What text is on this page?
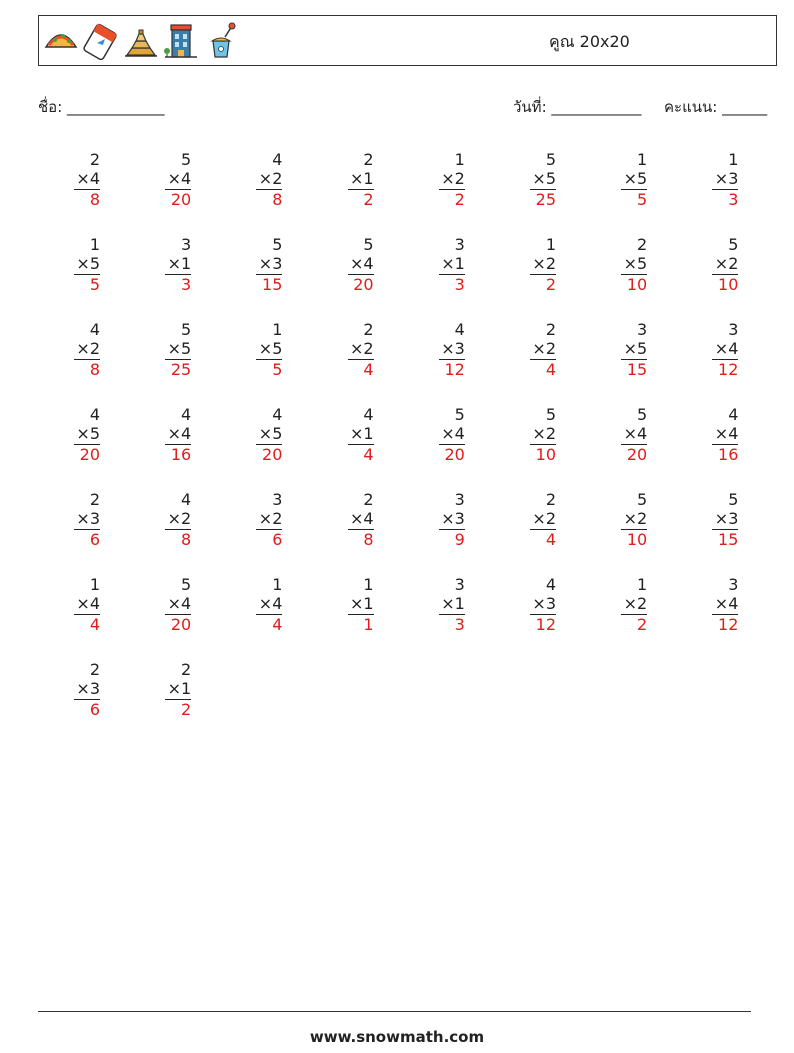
คูณ 20x20
ชื่อ: _____________	วันที่: ____________ คะแนน: ______
2
×4
8
5
×4
20
4
×2
8
2
×1
2
1
×2
2
5
×5
25
1
×5
5
1
×3
3
1
×5
5
3
×1
3
5
×3
15
5
×4
20
3
×1
3
1
×2
2
2
×5
10
5
×2
10
4
×2
8
5
×5
25
1
×5
5
2
×2
4
4
×3
12
2
×2
4
3
×5
15
3
×4
12
4
×5
20
4
×4
16
4
×5
20
4
×1
4
5
×4
20
5
×2
10
5
×4
20
4
×4
16
2
×3
6
4
×2
8
3
×2
6
2
×4
8
3
×3
9
2
×2
4
5
×2
10
5
×3
15
1
×4
4
5
×4
20
1
×4
4
1
×1
1
3
×1
3
4
×3
12
1
×2
2
3
×4
12
2
×3
6
2
×1
2
www.snowmath.com
